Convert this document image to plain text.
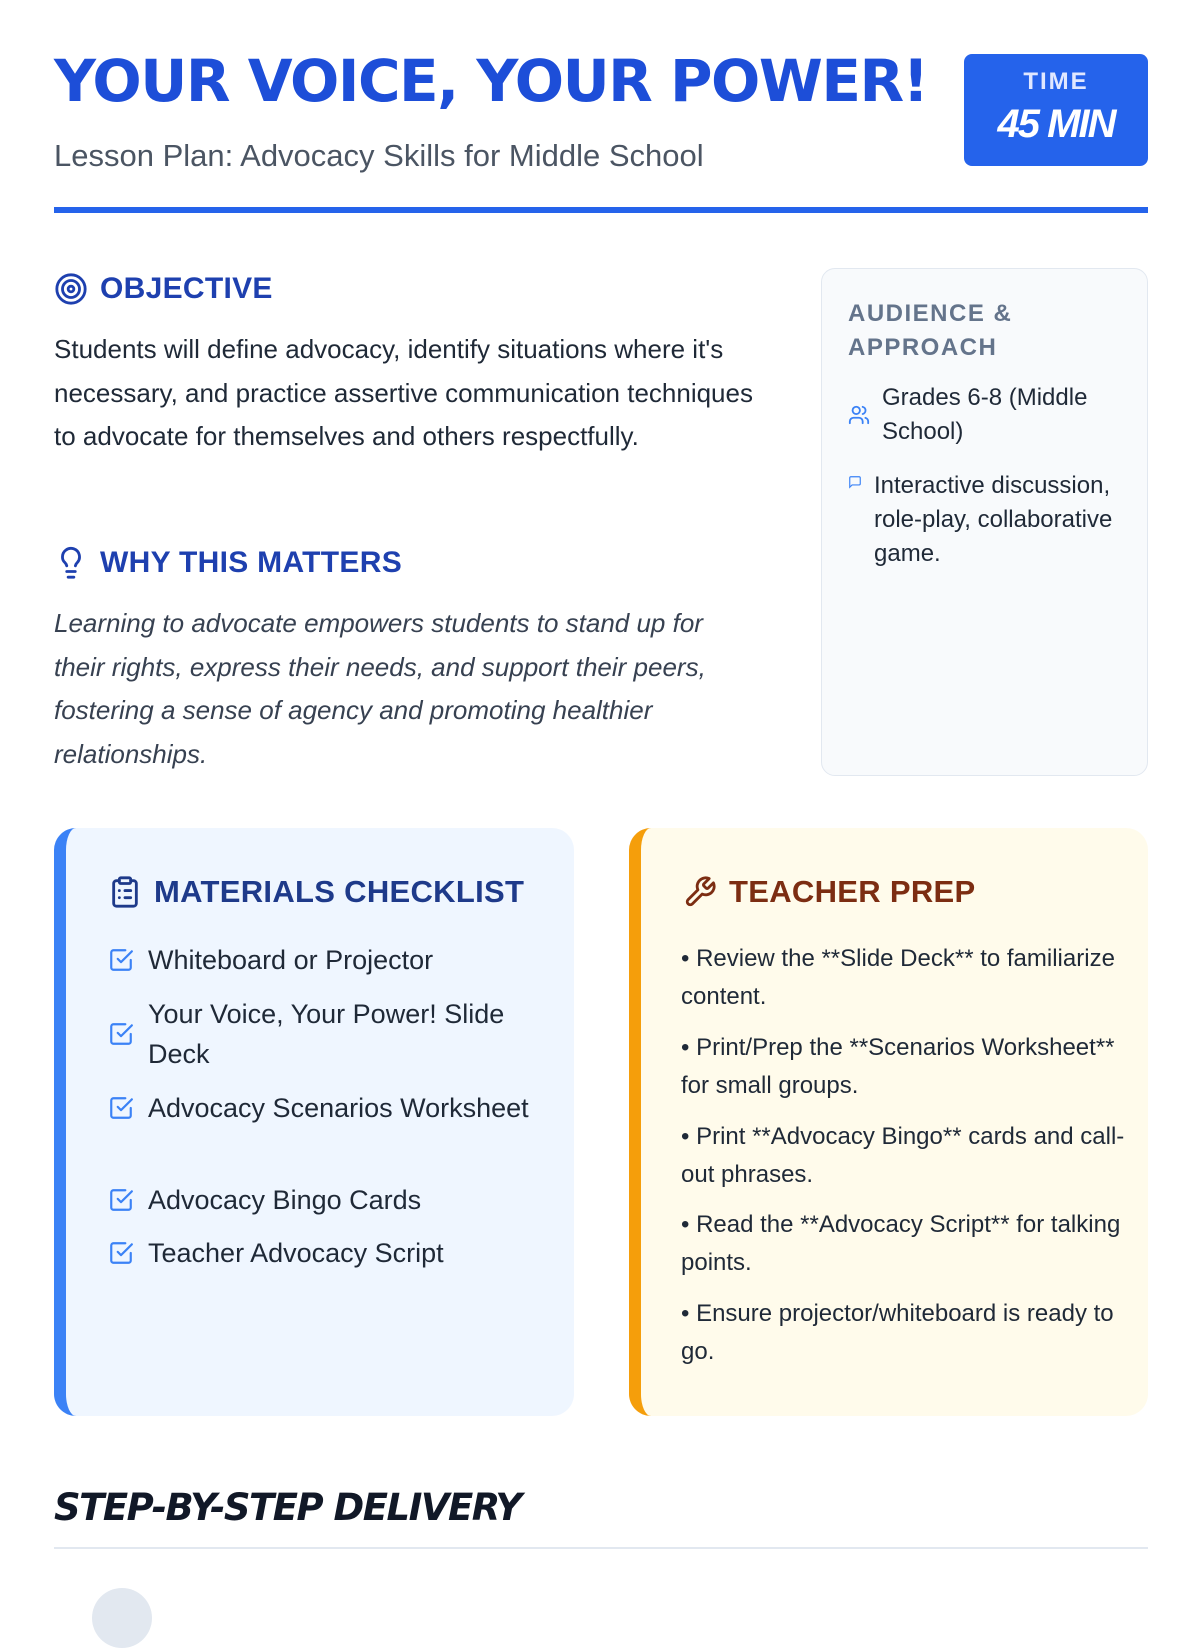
YOUR VOICE, YOUR POWER!
Lesson Plan: Advocacy Skills for Middle School
TIME
45 MIN
OBJECTIVE

Students will define advocacy, identify situations where it's necessary, and practice assertive communication techniques to advocate for themselves and others respectfully.

WHY THIS MATTERS

Learning to advocate empowers students to stand up for their rights, express their needs, and support their peers, fostering a sense of agency and promoting healthier relationships.

AUDIENCE & APPROACH
Grades 6-8 (Middle School)
Interactive discussion, role-play, collaborative game.
MATERIALS CHECKLIST
Whiteboard or Projector
Your Voice, Your Power! Slide Deck
Advocacy Scenarios Worksheet
Advocacy Bingo Cards
Teacher Advocacy Script
TEACHER PREP
• Review the **Slide Deck** to familiarize content.
• Print/Prep the **Scenarios Worksheet** for small groups.
• Print **Advocacy Bingo** cards and call-out phrases.
• Read the **Advocacy Script** for talking points.
• Ensure projector/whiteboard is ready to go.
STEP-BY-STEP DELIVERY
